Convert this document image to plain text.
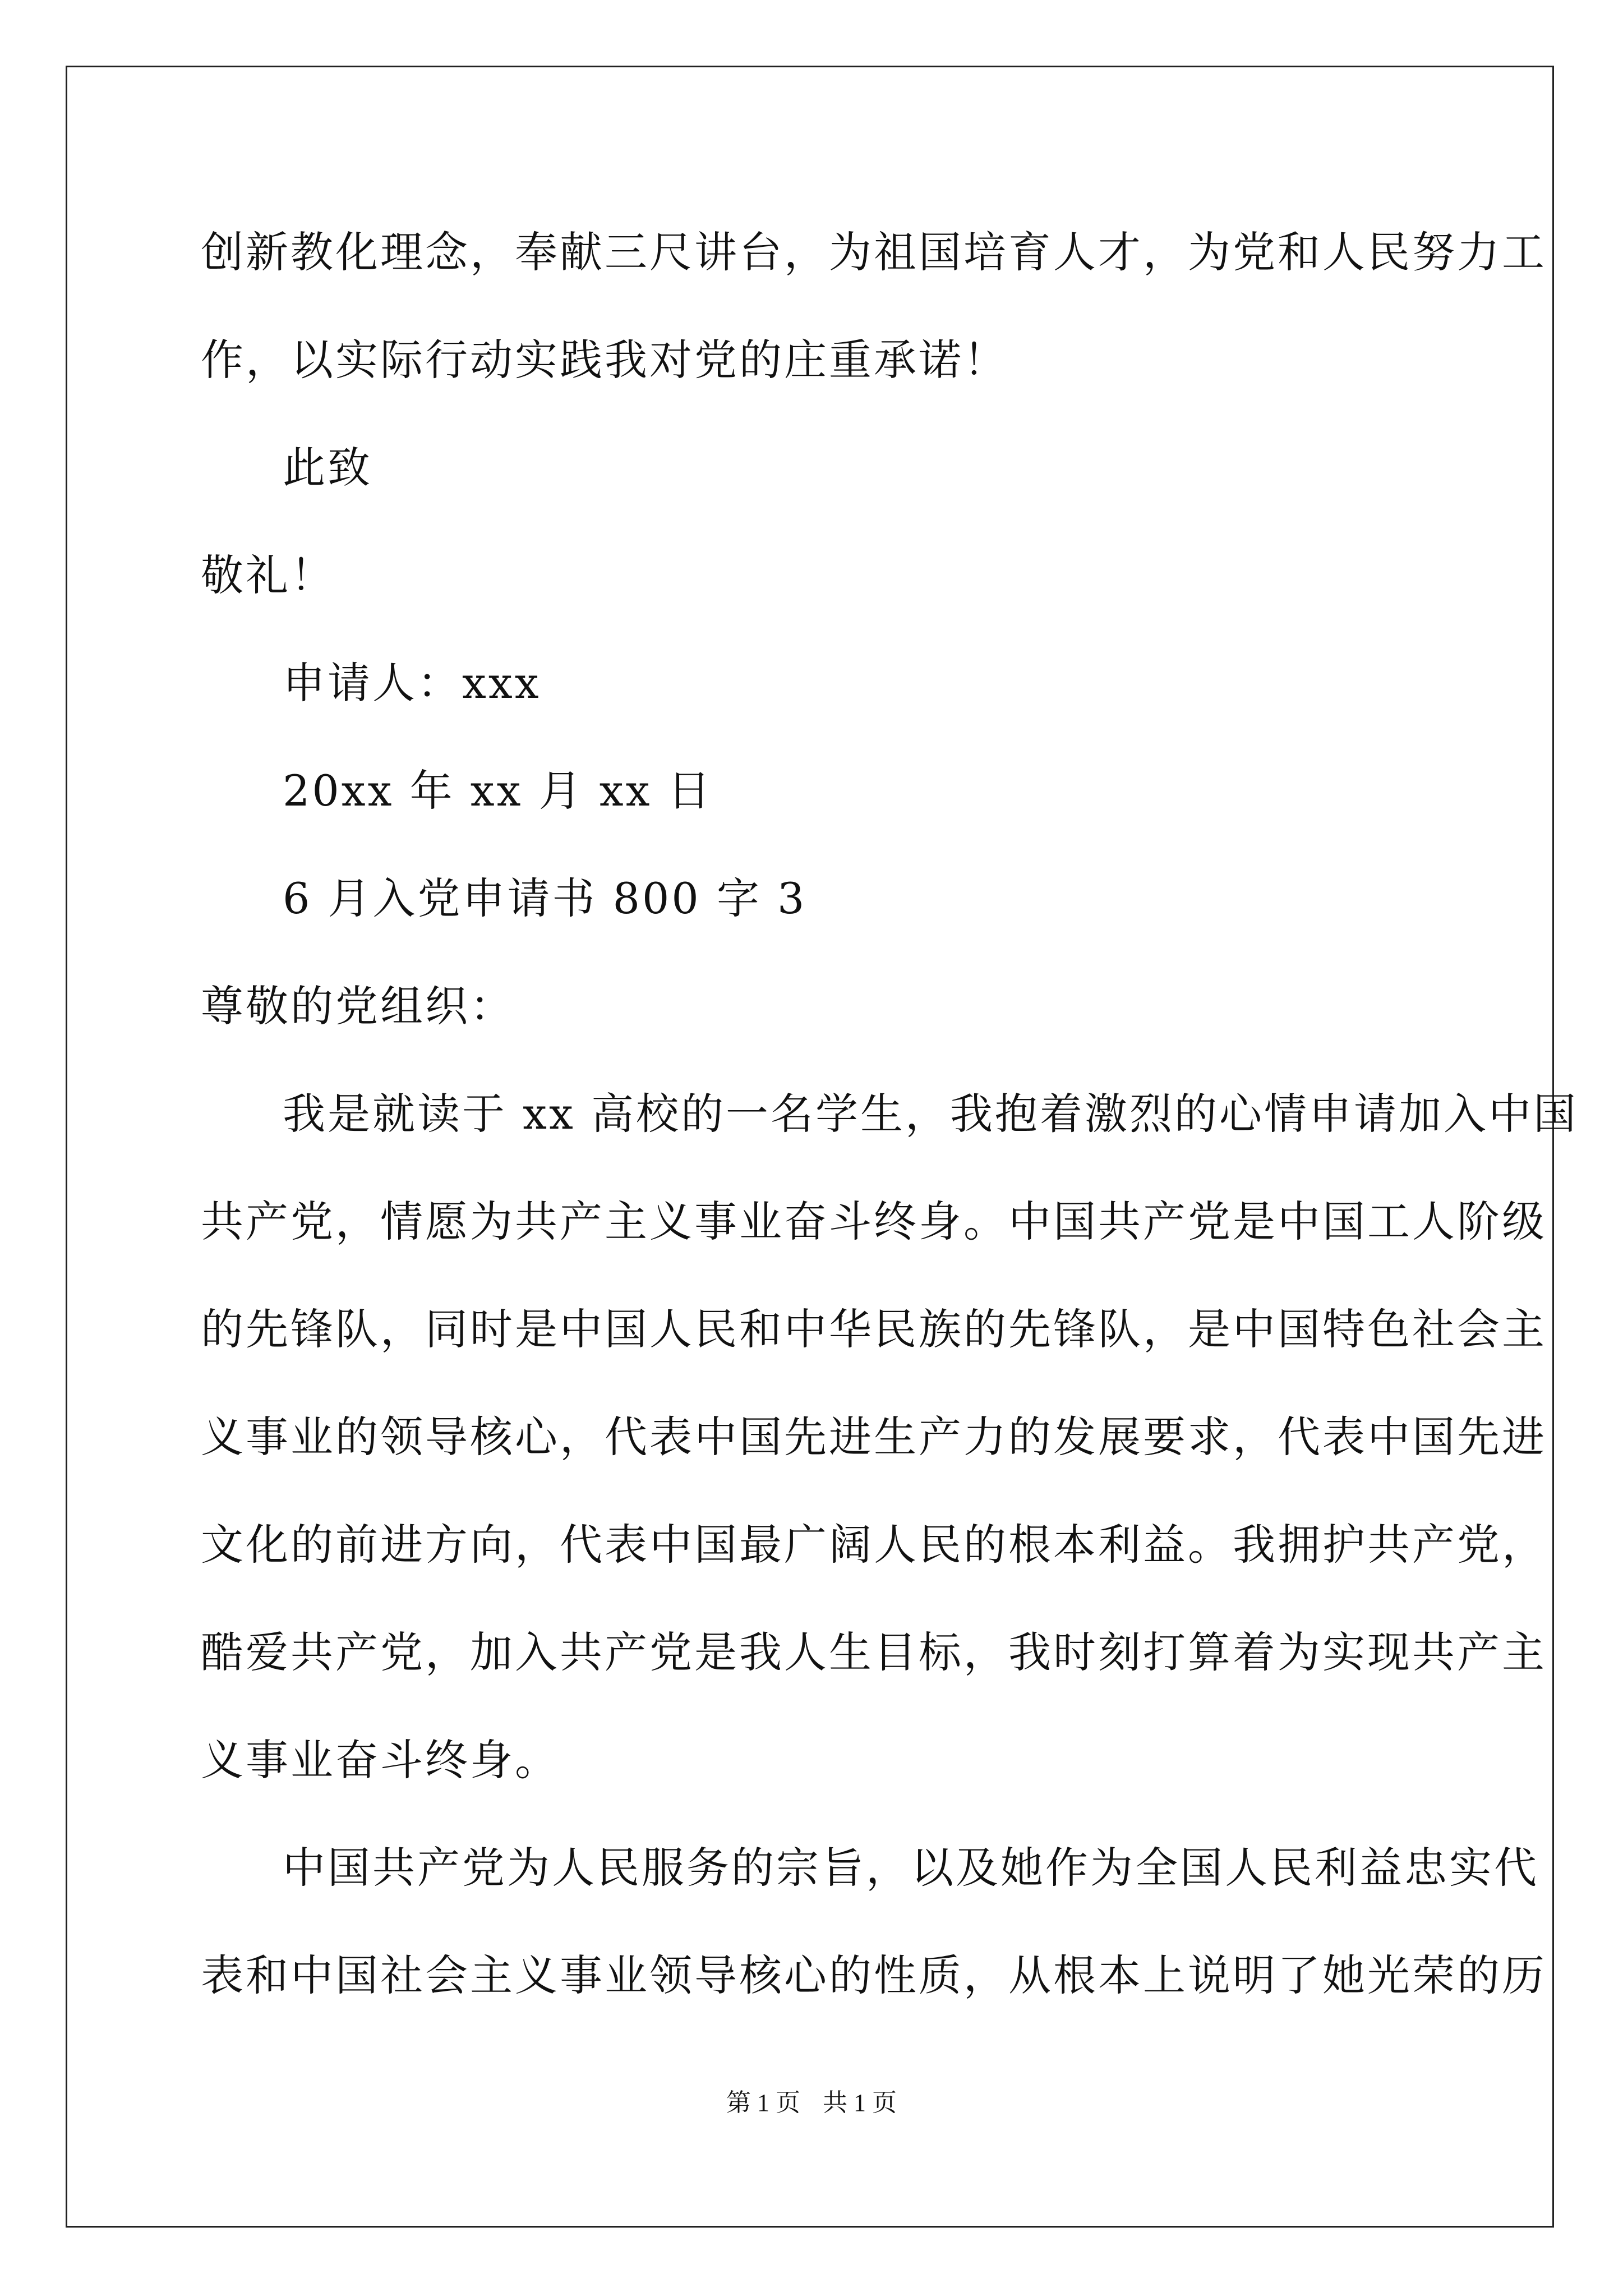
创新教化理念，奉献三尺讲台，为祖国培育人才，为党和人民努力工
作，以实际行动实践我对党的庄重承诺！
此致
敬礼！
申请人：xxx
20xx 年 xx 月 xx 日
6 月入党申请书 800 字 3
尊敬的党组织：
我是就读于 xx 高校的一名学生，我抱着激烈的心情申请加入中国
共产党，情愿为共产主义事业奋斗终身。中国共产党是中国工人阶级
的先锋队，同时是中国人民和中华民族的先锋队，是中国特色社会主
义事业的领导核心，代表中国先进生产力的发展要求，代表中国先进
文化的前进方向，代表中国最广阔人民的根本利益。我拥护共产党，
酷爱共产党，加入共产党是我人生目标，我时刻打算着为实现共产主
义事业奋斗终身。
中国共产党为人民服务的宗旨，以及她作为全国人民利益忠实代
表和中国社会主义事业领导核心的性质，从根本上说明了她光荣的历
第 1 页 共 1 页
